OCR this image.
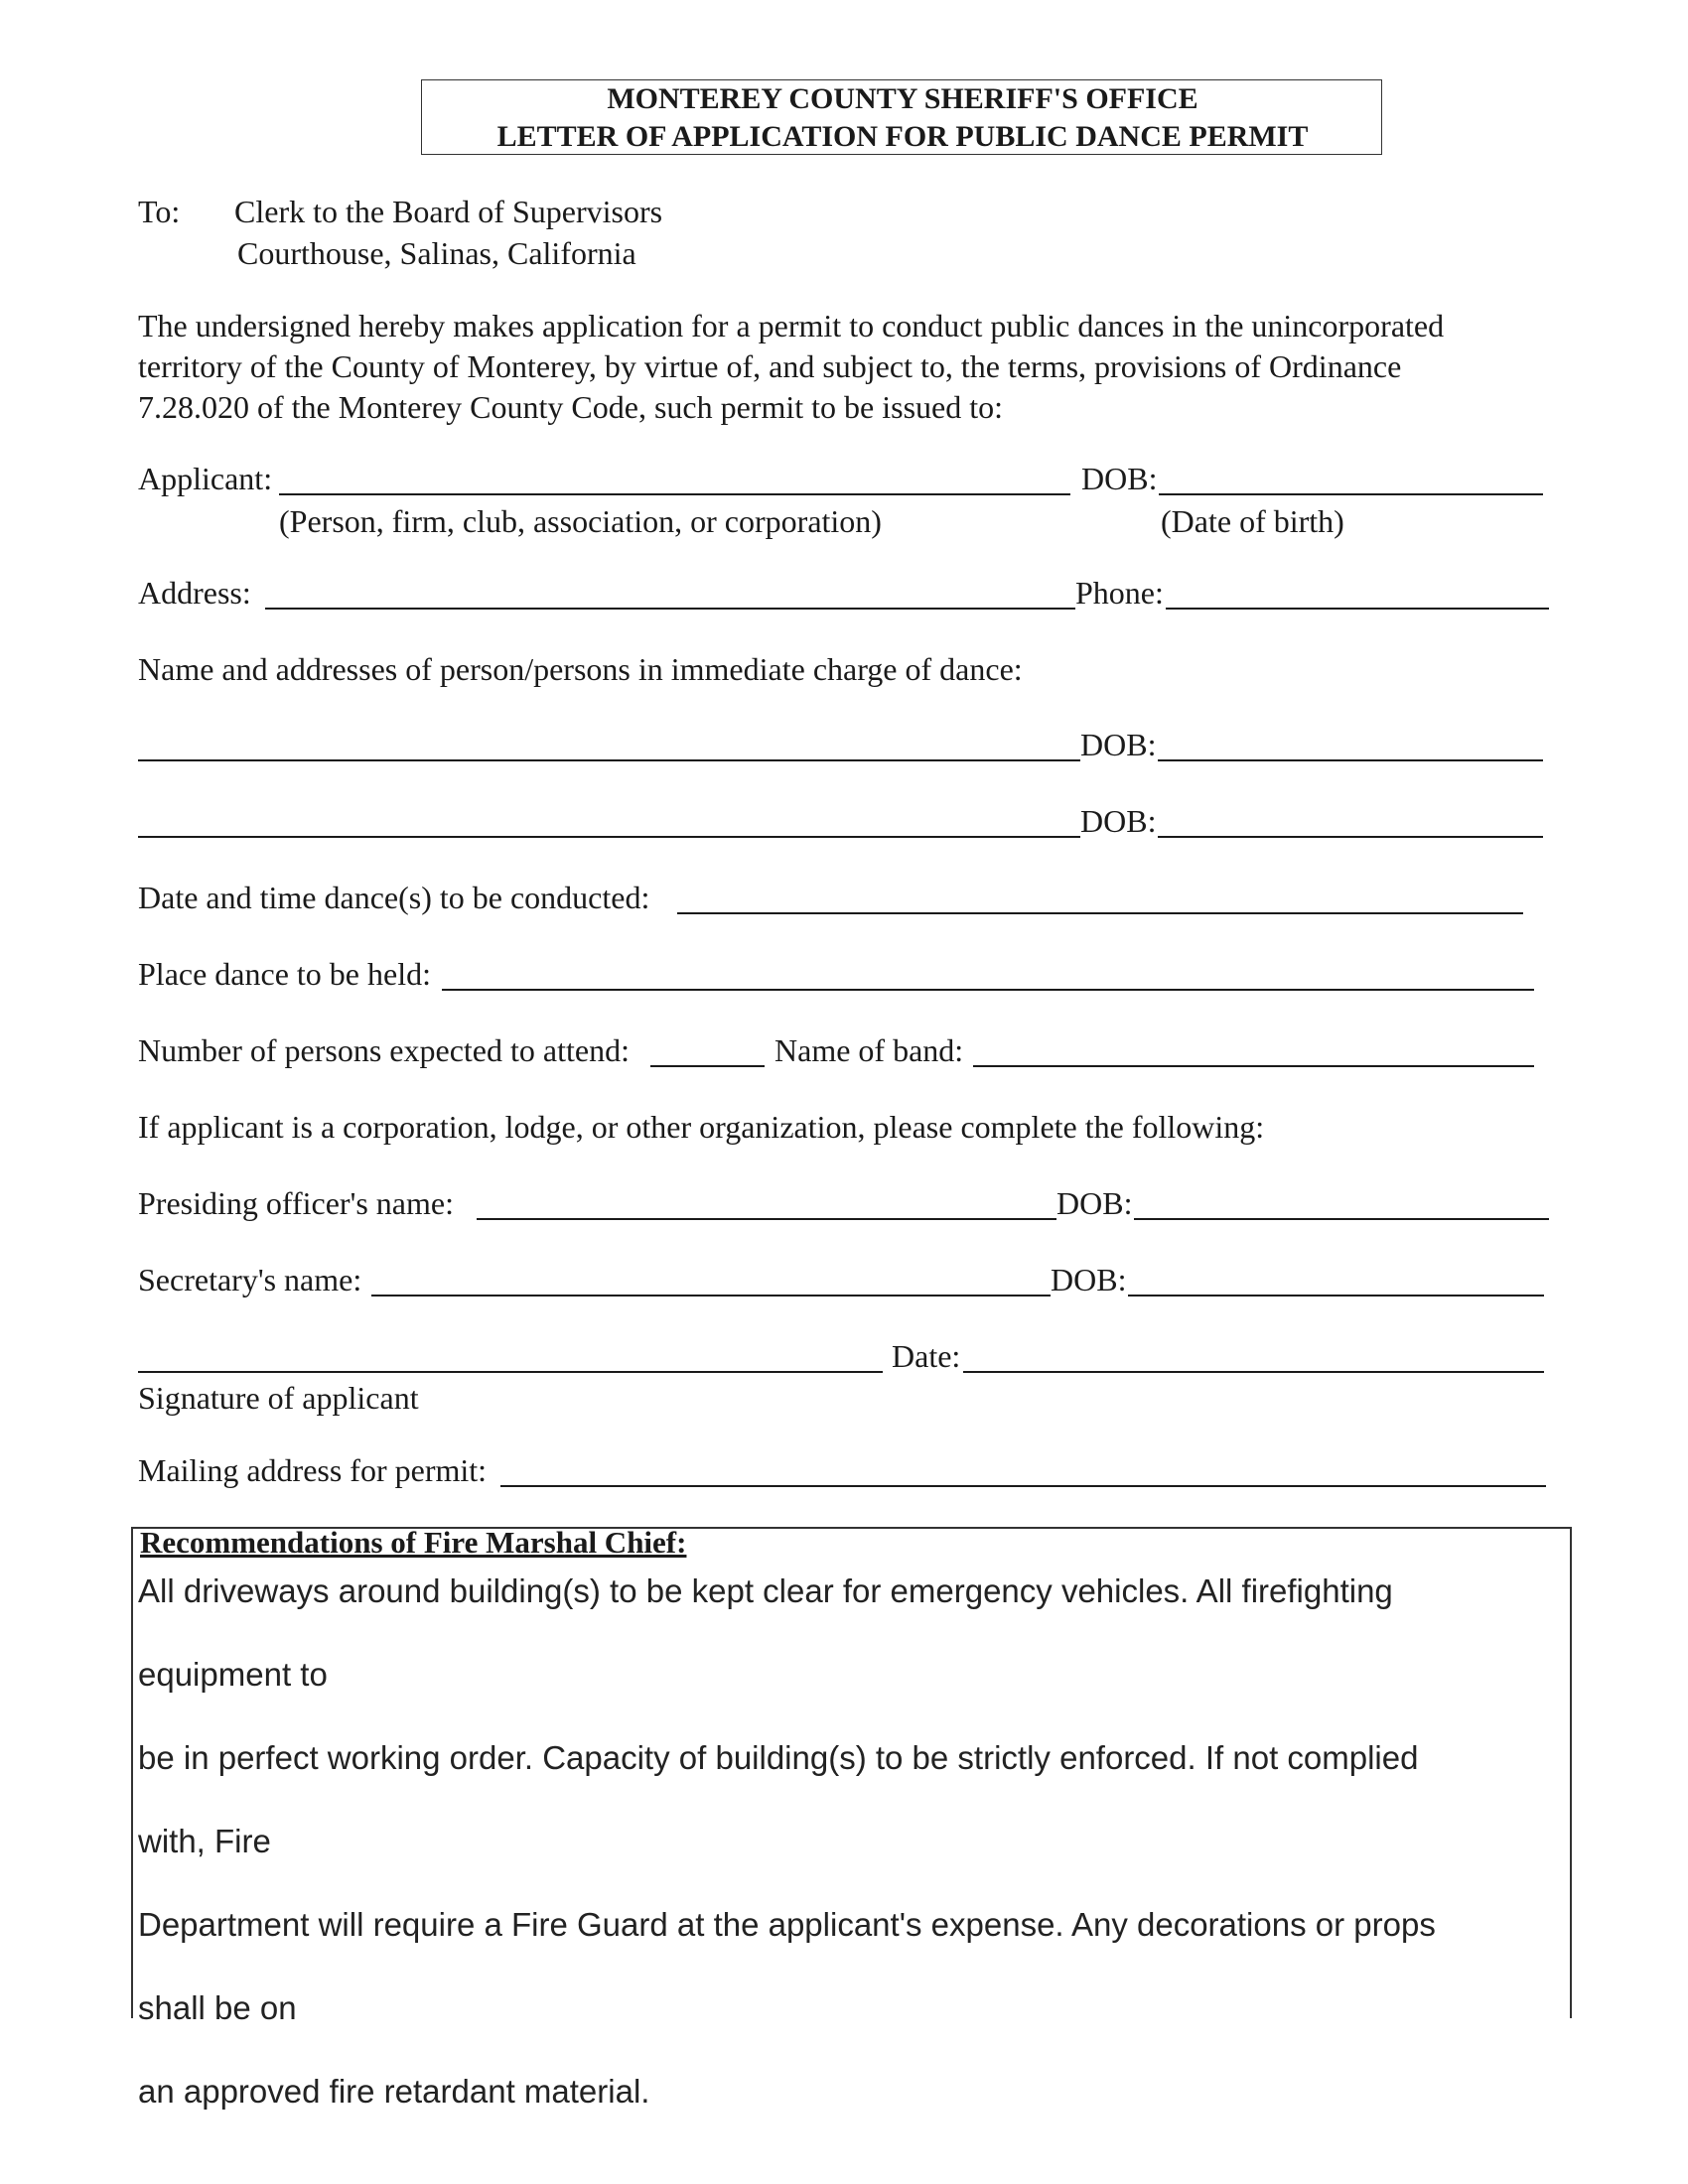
MONTEREY COUNTY SHERIFF'S OFFICE
LETTER OF APPLICATION FOR PUBLIC DANCE PERMIT
To: Clerk to the Board of Supervisors
Courthouse, Salinas, California
The undersigned hereby makes application for a permit to conduct public dances in the unincorporated
territory of the County of Monterey, by virtue of, and subject to, the terms, provisions of Ordinance
7.28.020 of the Monterey County Code, such permit to be issued to:
Applicant:	DOB:
(Person, firm, club, association, or corporation)	(Date of birth)
Address:	Phone:
Name and addresses of person/persons in immediate charge of dance:
DOB:
DOB:
Date and time dance(s) to be conducted:
Place dance to be held:
Number of persons expected to attend:	Name of band:
If applicant is a corporation, lodge, or other organization, please complete the following:
Presiding officer's name:	DOB:
Secretary's name:	DOB:
Date:
Signature of applicant
Mailing address for permit:
Recommendations of Fire Marshal Chief:
All driveways around building(s) to be kept clear for emergency vehicles. All firefighting
equipment to
be in perfect working order. Capacity of building(s) to be strictly enforced. If not complied
with, Fire
Department will require a Fire Guard at the applicant's expense. Any decorations or props
shall be on
an approved fire retardant material.
